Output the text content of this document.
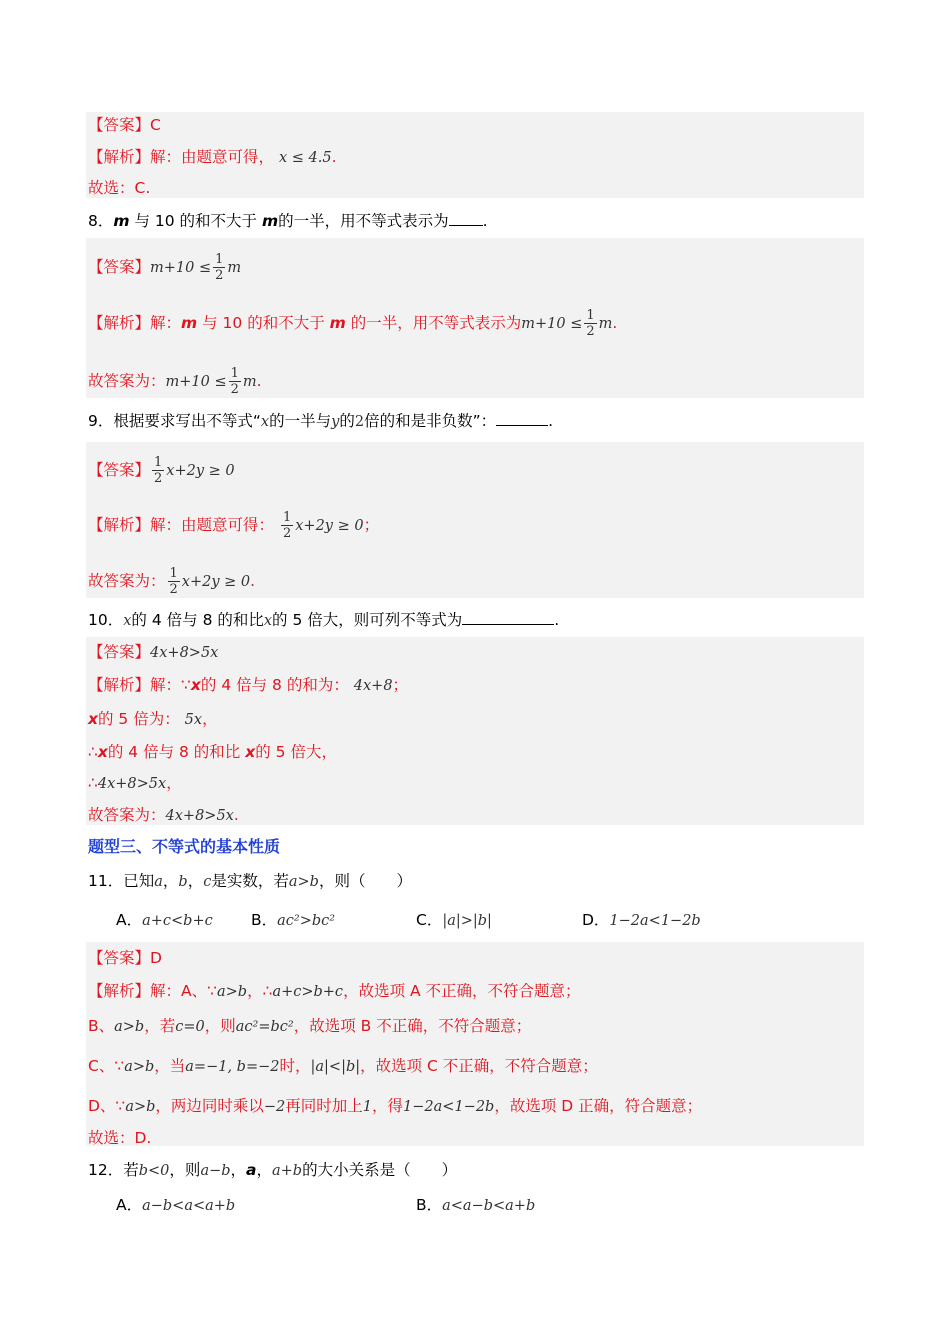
【答案】C
【解析】解：由题意可得， x ≤ 4.5.
故选：C.
8．m 与 10 的和不大于 m的一半，用不等式表示为 .
【答案】$m+10 \le \frac{1}{2}$ m
【解析】解：m 与 10 的和不大于 m 的一半，用不等式表示为$m+10 \le \frac{1}{2} m$.
故答案为：$m+10 \le \frac{1}{2} m$.
9．根据要求写出不等式“x的一半与y的2倍的和是非负数”：	.
【答案】 $\frac{1}{2} x+2y \ge 0$
【解析】解：由题意可得： $\frac{1}{2} x+2y \ge 0$；
故答案为： $\frac{1}{2} x+2y \ge 0$.
10．x的 4 倍与 8 的和比x的 5 倍大，则可列不等式为	.
【答案】4x+8>5x
【解析】解：∵x的 4 倍与 8 的和为： 4x+8；
x的 5 倍为： 5x，
∴x的 4 倍与 8 的和比 x的 5 倍大，
∴4x+8>5x，
故答案为：4x+8>5x.
题型三、不等式的基本性质
11．已知a，b，c是实数，若a>b，则（　　）
A．a+c<b+c B．ac²>bc²	C．|a|>|b|	D．1−2a<1−2b
【答案】D
【解析】解：A、∵a>b，∴a+c>b+c，故选项 A 不正确，不符合题意；
B、a>b，若c=0，则ac²=bc²，故选项 B 不正确，不符合题意；
C、∵a>b，当a=−1, b=−2时，|a|<|b|，故选项 C 不正确，不符合题意；
D、∵a>b，两边同时乘以−2再同时加上1，得1−2a<1−2b，故选项 D 正确，符合题意；
故选：D.
12．若b<0，则a−b，a，a+b的大小关系是（　　）
A．a−b<a<a+b	B．a<a−b<a+b
